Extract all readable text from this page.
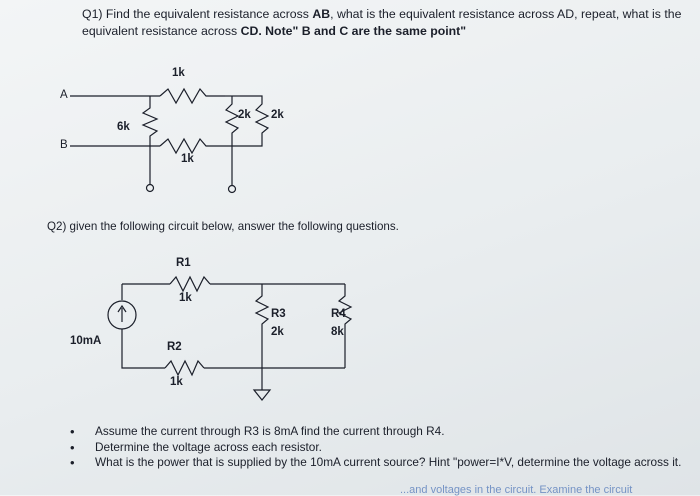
Q1) Find the equivalent resistance across AB, what is the equivalent resistance across AD, repeat, what is the
equivalent resistance across CD. Note" B and C are the same point"
A
B
1k
6k
1k
2k 2k
Q2) given the following circuit below, answer the following questions.
R1
1k
R2
1k
R3
2k
R4
8k
10mA
• Assume the current through R3 is 8mA find the current through R4.
• Determine the voltage across each resistor.
• What is the power that is supplied by the 10mA current source? Hint "power=I*V, determine the voltage across it.
...and voltages in the circuit. Examine the circuit
